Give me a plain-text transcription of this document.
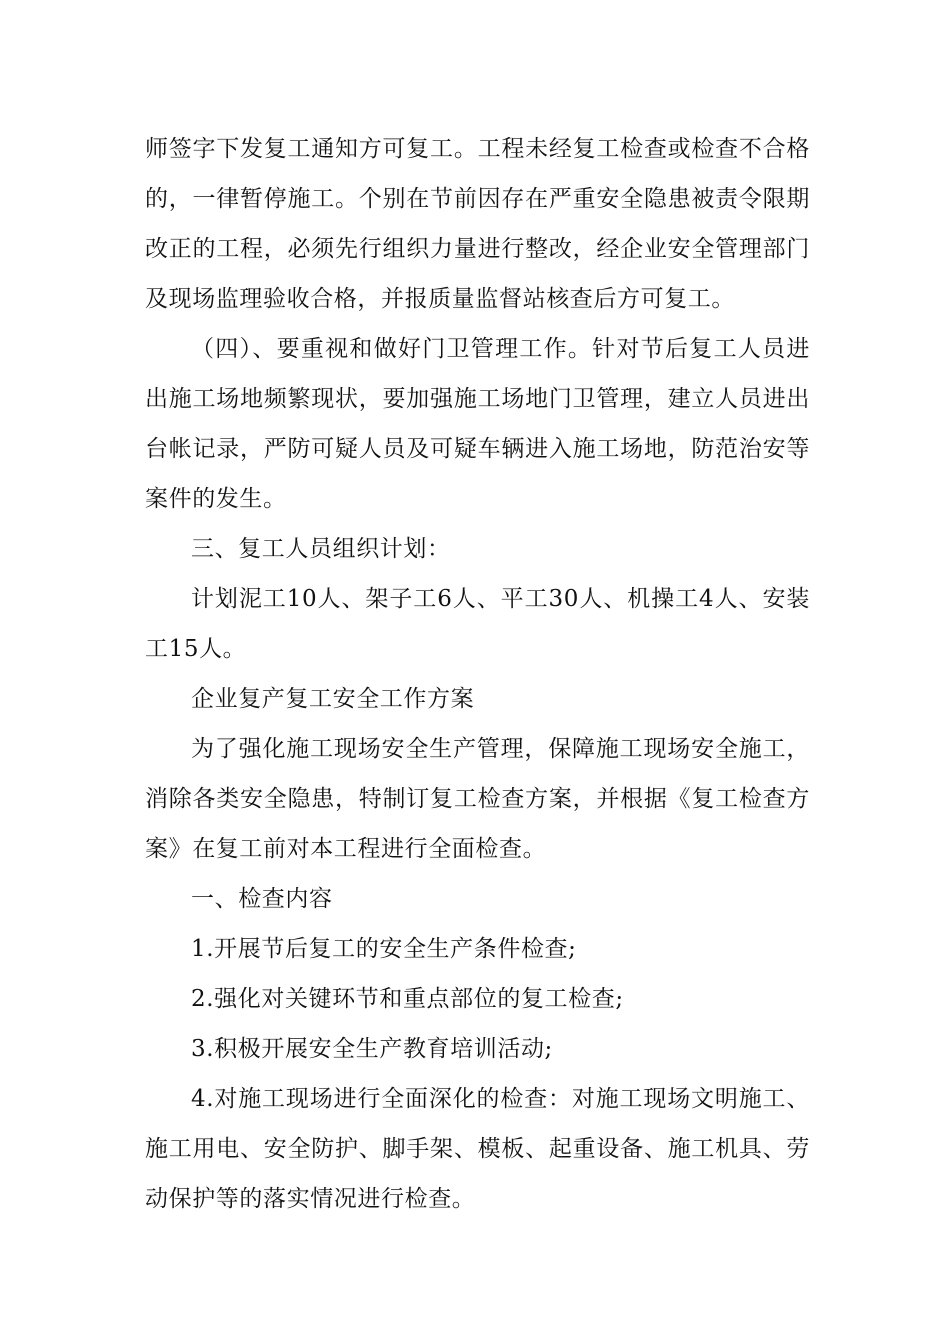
师签字下发复工通知方可复工。工程未经复工检查或检查不合格的，一律暂停施工。个别在节前因存在严重安全隐患被责令限期改正的工程，必须先行组织力量进行整改，经企业安全管理部门及现场监理验收合格，并报质量监督站核查后方可复工。

（四）、要重视和做好门卫管理工作。针对节后复工人员进出施工场地频繁现状，要加强施工场地门卫管理，建立人员进出台帐记录，严防可疑人员及可疑车辆进入施工场地，防范治安等案件的发生。

三、复工人员组织计划：

计划泥工10人、架子工6人、平工30人、机操工4人、安装工15人。

企业复产复工安全工作方案

为了强化施工现场安全生产管理，保障施工现场安全施工，消除各类安全隐患，特制订复工检查方案，并根据《复工检查方案》在复工前对本工程进行全面检查。

一、检查内容

1.开展节后复工的安全生产条件检查;

2.强化对关键环节和重点部位的复工检查;

3.积极开展安全生产教育培训活动;

4.对施工现场进行全面深化的检查：对施工现场文明施工、施工用电、安全防护、脚手架、模板、起重设备、施工机具、劳动保护等的落实情况进行检查。
